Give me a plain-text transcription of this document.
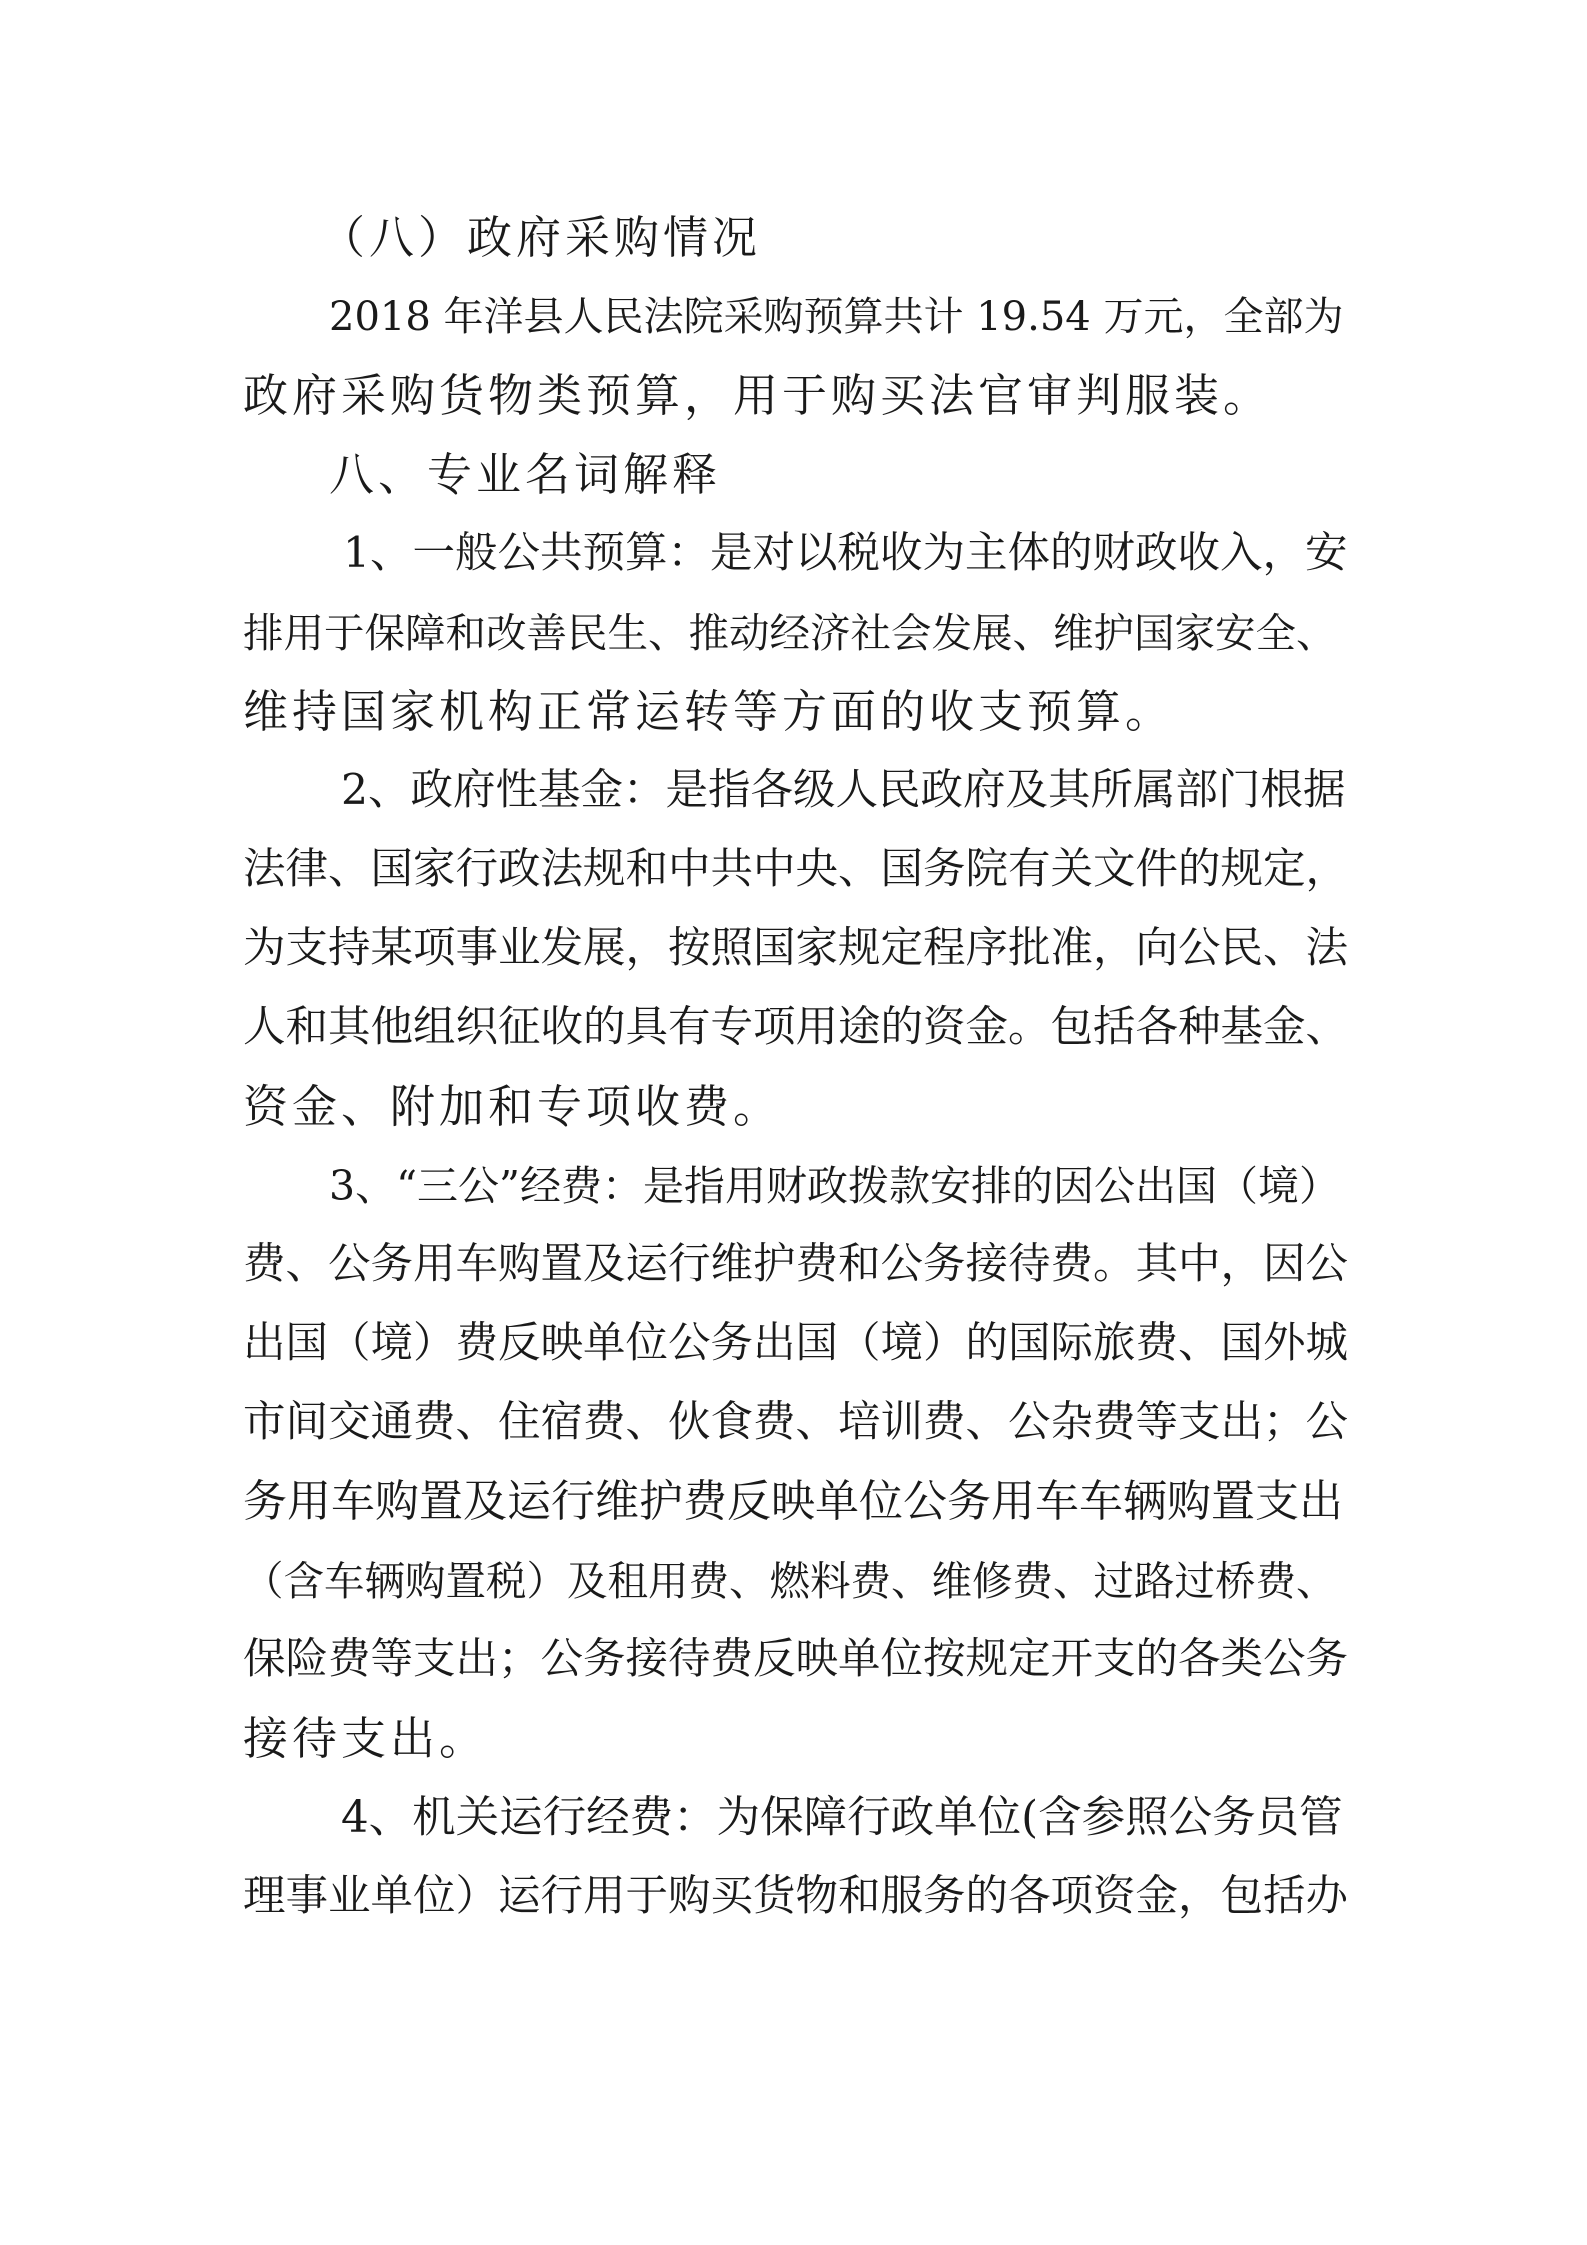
（八）政府采购情况
2018 年洋县人民法院采购预算共计 19.54 万元，全部为
政府采购货物类预算，用于购买法官审判服装。
八、专业名词解释
1、一般公共预算：是对以税收为主体的财政收入，安
排用于保障和改善民生、推动经济社会发展、维护国家安全、
维持国家机构正常运转等方面的收支预算。
2、政府性基金：是指各级人民政府及其所属部门根据
法律、国家行政法规和中共中央、国务院有关文件的规定，
为支持某项事业发展，按照国家规定程序批准，向公民、法
人和其他组织征收的具有专项用途的资金。包括各种基金、
资金、附加和专项收费。
3、“三公”经费：是指用财政拨款安排的因公出国（境）
费、公务用车购置及运行维护费和公务接待费。其中，因公
出国（境）费反映单位公务出国（境）的国际旅费、国外城
市间交通费、住宿费、伙食费、培训费、公杂费等支出；公
务用车购置及运行维护费反映单位公务用车车辆购置支出
（含车辆购置税）及租用费、燃料费、维修费、过路过桥费、
保险费等支出；公务接待费反映单位按规定开支的各类公务
接待支出。
4、机关运行经费：为保障行政单位(含参照公务员管
理事业单位）运行用于购买货物和服务的各项资金，包括办
